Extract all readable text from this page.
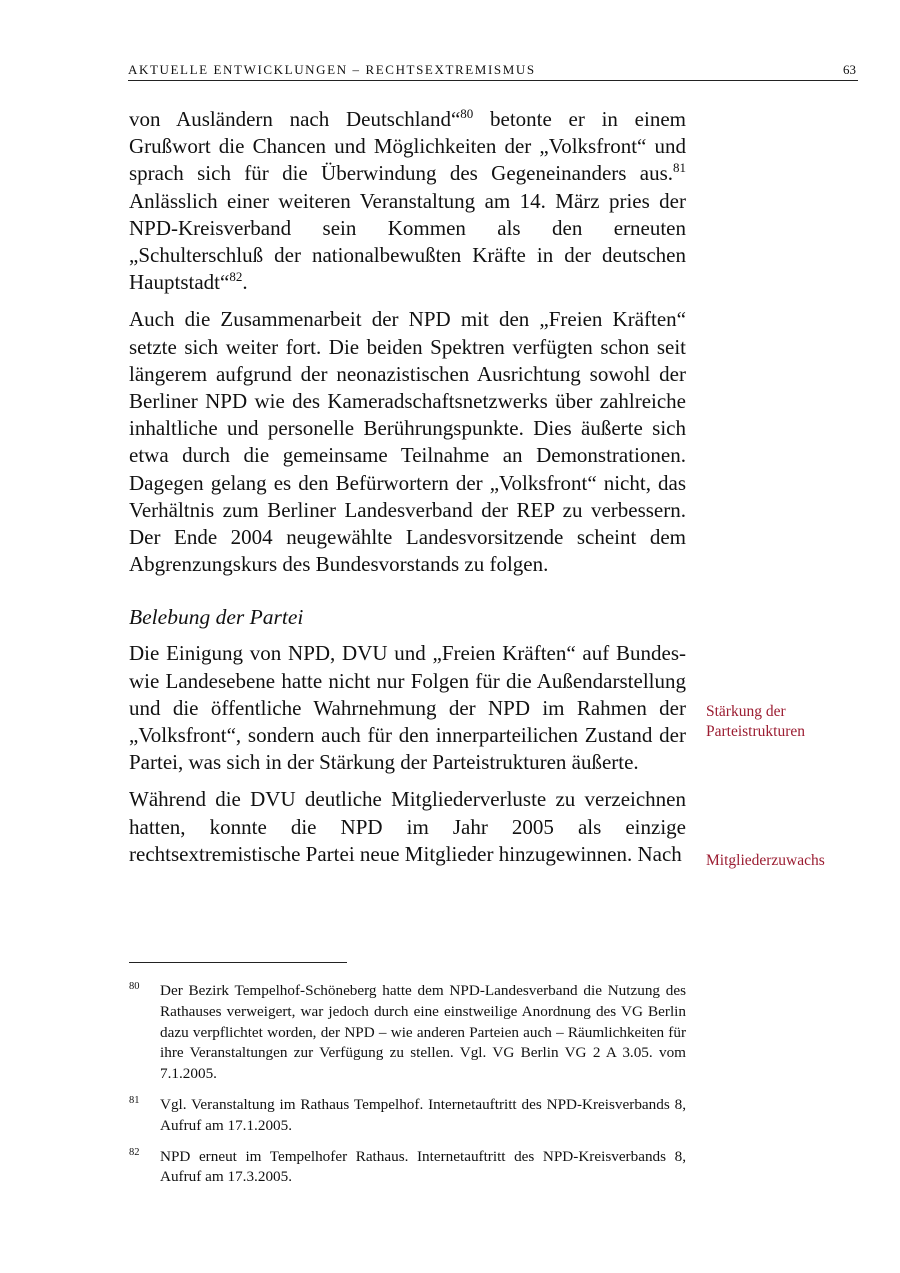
AKTUELLE ENTWICKLUNGEN – RECHTSEXTREMISMUS	63

von Ausländern nach Deutschland“$^{80}$ betonte er in einem Grußwort die Chancen und Möglichkeiten der „Volksfront“ und sprach sich für die Überwindung des Gegeneinanders aus.$^{81}$ Anlässlich einer weiteren Veranstaltung am 14. März pries der NPD-Kreisverband sein Kommen als den erneuten „Schulterschluß der nationalbewußten Kräfte in der deutschen Hauptstadt“$^{82}$.

Auch die Zusammenarbeit der NPD mit den „Freien Kräften“ setzte sich weiter fort. Die beiden Spektren verfügten schon seit längerem aufgrund der neonazistischen Ausrichtung sowohl der Berliner NPD wie des Kameradschaftsnetzwerks über zahlreiche inhaltliche und personelle Berührungspunkte. Dies äußerte sich etwa durch die gemeinsame Teilnahme an Demonstrationen. Dagegen gelang es den Befürwortern der „Volksfront“ nicht, das Verhältnis zum Berliner Landesverband der REP zu verbessern. Der Ende 2004 neugewählte Landesvorsitzende scheint dem Abgrenzungskurs des Bundesvorstands zu folgen.

Belebung der Partei

Die Einigung von NPD, DVU und „Freien Kräften“ auf Bundes- wie Landesebene hatte nicht nur Folgen für die Außendarstellung und die öffentliche Wahrnehmung der NPD im Rahmen der „Volksfront“, sondern auch für den innerparteilichen Zustand der Partei, was sich in der Stärkung der Parteistrukturen äußerte.

Während die DVU deutliche Mitgliederverluste zu verzeichnen hatten, konnte die NPD im Jahr 2005 als einzige rechtsextremistische Partei neue Mitglieder hinzugewinnen. Nach

Stärkung der
Parteistrukturen
Mitgliederzuwachs
80 Der Bezirk Tempelhof-Schöneberg hatte dem NPD-Landesverband die Nutzung des Rathauses verweigert, war jedoch durch eine einstweilige Anordnung des VG Berlin dazu verpflichtet worden, der NPD – wie anderen Parteien auch – Räumlichkeiten für ihre Veranstaltungen zur Verfügung zu stellen. Vgl. VG Berlin VG 2 A 3.05. vom 7.1.2005.
81 Vgl. Veranstaltung im Rathaus Tempelhof. Internetauftritt des NPD-Kreisverbands 8, Aufruf am 17.1.2005.
82 NPD erneut im Tempelhofer Rathaus. Internetauftritt des NPD-Kreisverbands 8, Aufruf am 17.3.2005.
